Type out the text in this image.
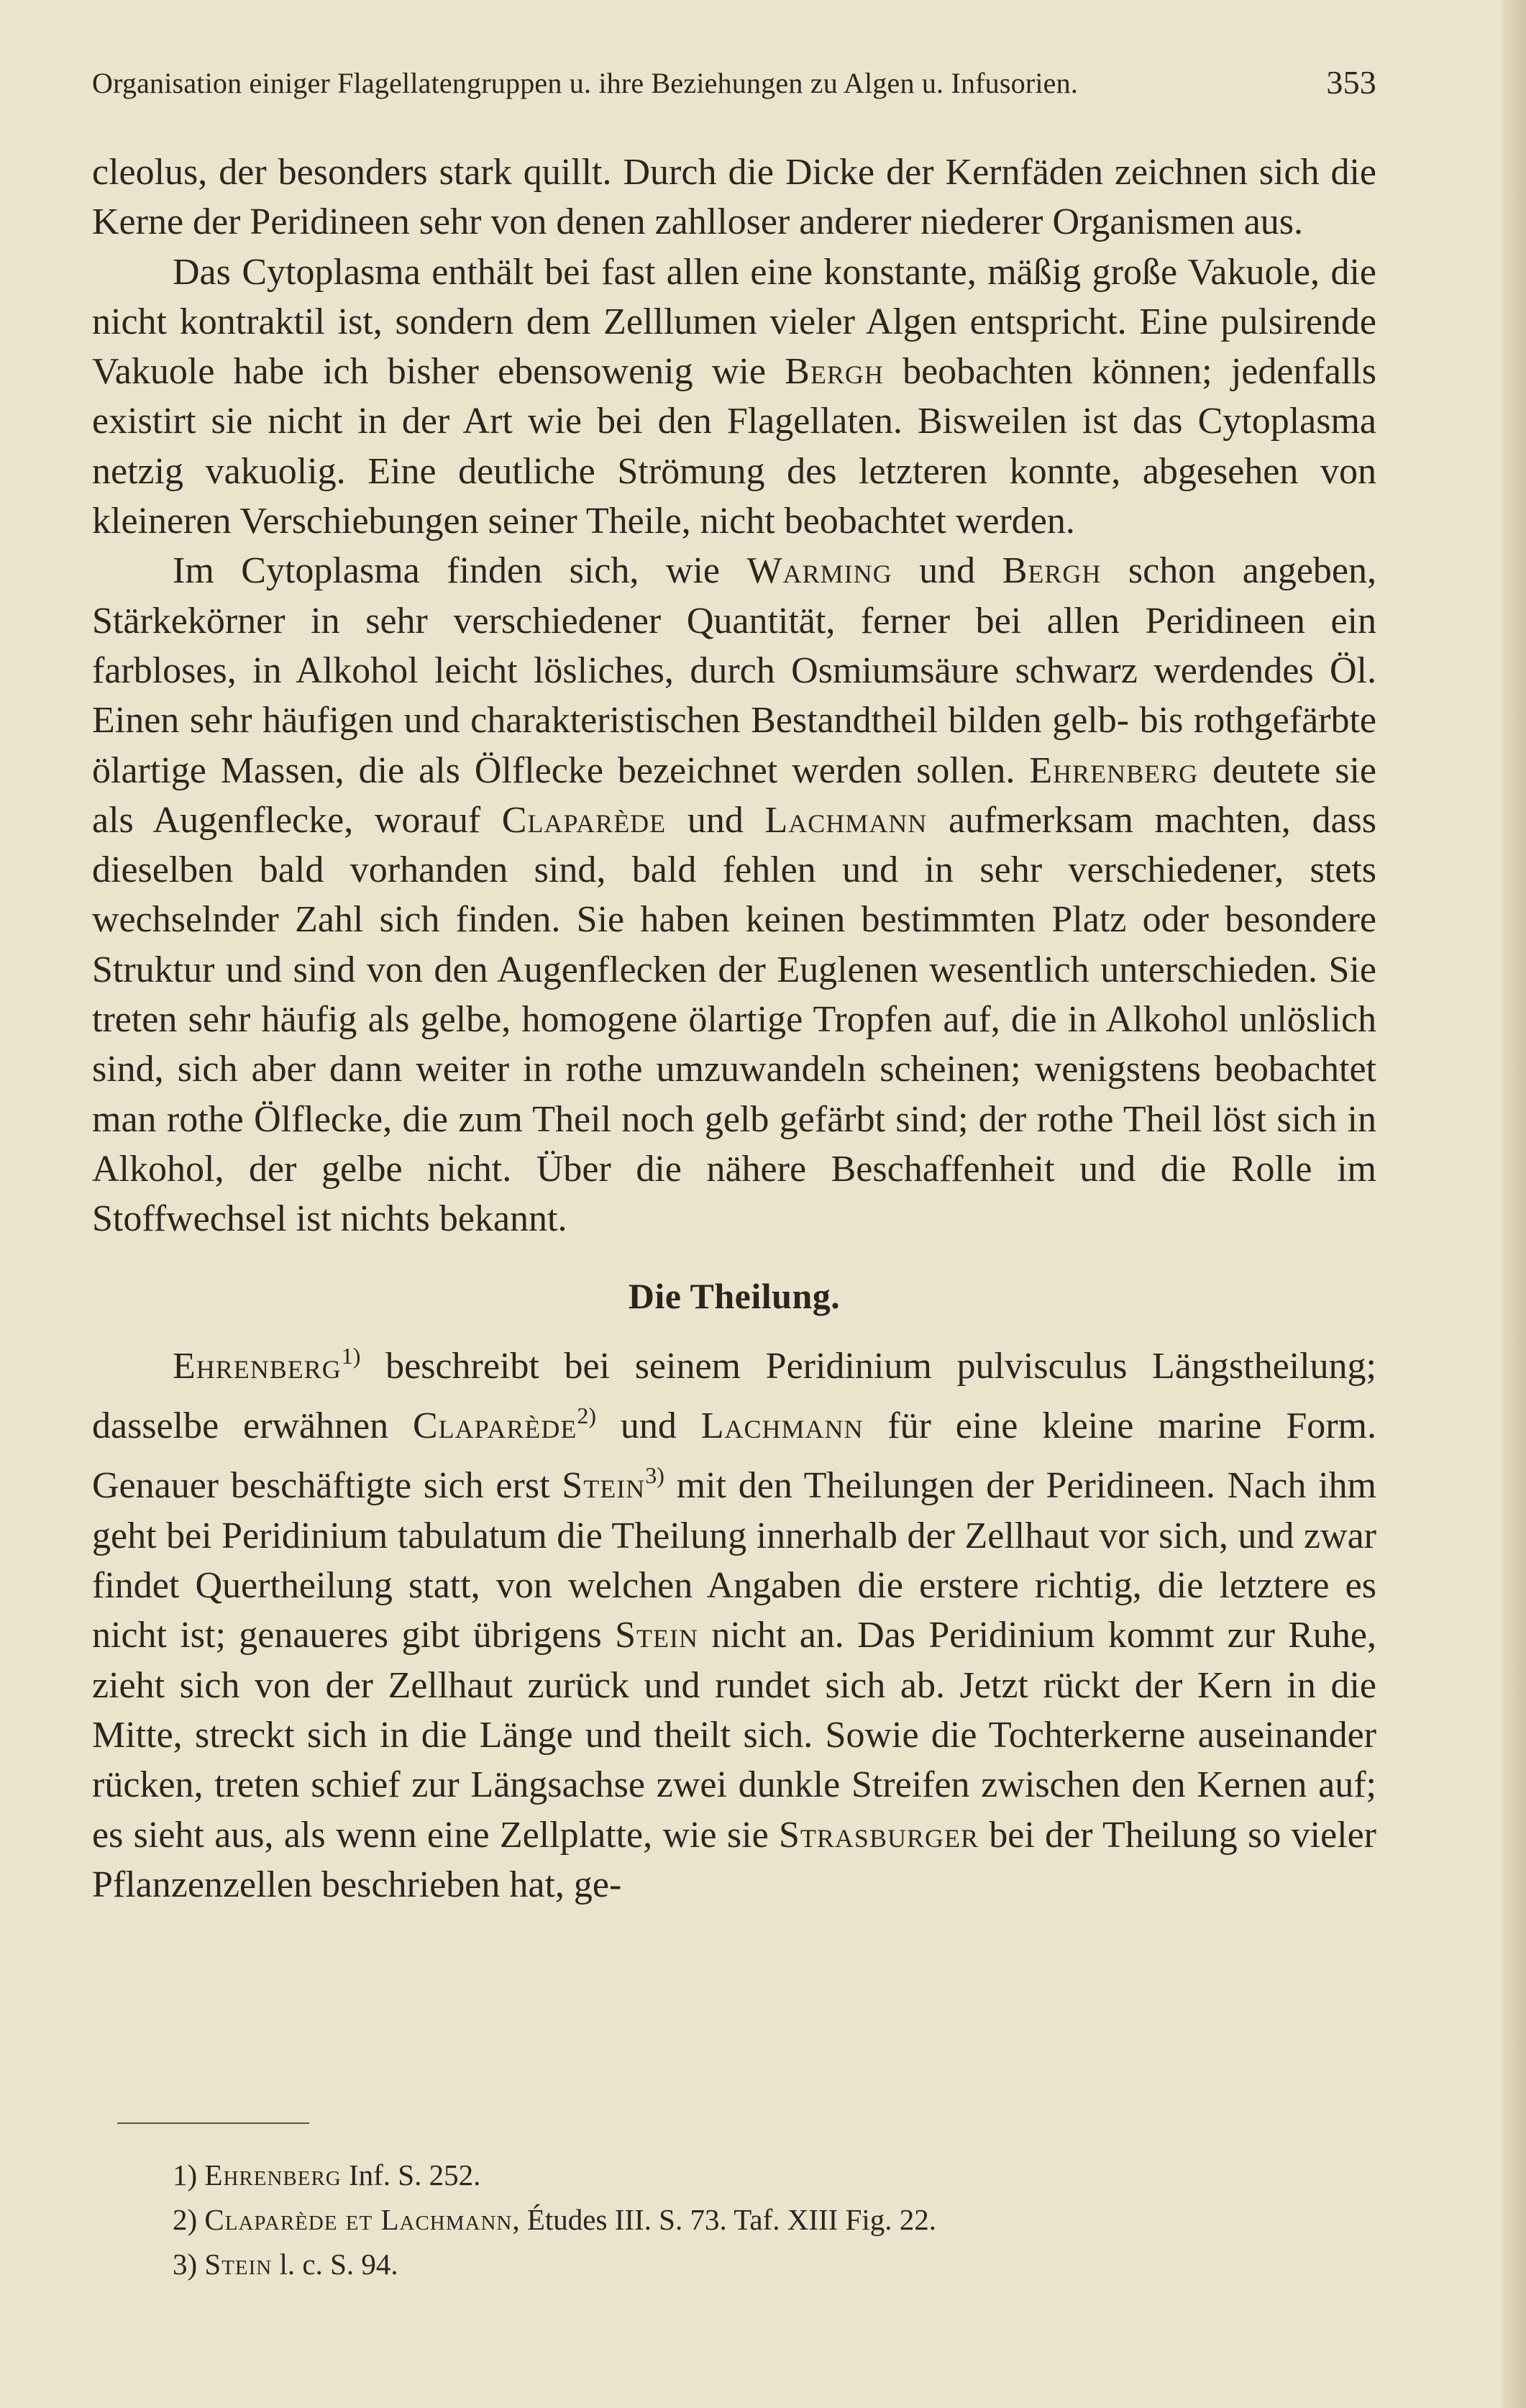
Organisation einiger Flagellatengruppen u. ihre Beziehungen zu Algen u. Infusorien.	353

cleolus, der besonders stark quillt. Durch die Dicke der Kernfäden zeichnen sich die Kerne der Peridineen sehr von denen zahlloser anderer niederer Organismen aus.

Das Cytoplasma enthält bei fast allen eine konstante, mäßig große Vakuole, die nicht kontraktil ist, sondern dem Zelllumen vieler Algen entspricht. Eine pulsirende Vakuole habe ich bisher ebensowenig wie Bergh beobachten können; jedenfalls existirt sie nicht in der Art wie bei den Flagellaten. Bisweilen ist das Cytoplasma netzig vakuolig. Eine deutliche Strömung des letzteren konnte, abgesehen von kleineren Verschiebungen seiner Theile, nicht beobachtet werden.

Im Cytoplasma finden sich, wie Warming und Bergh schon angeben, Stärkekörner in sehr verschiedener Quantität, ferner bei allen Peridineen ein farbloses, in Alkohol leicht lösliches, durch Osmiumsäure schwarz werdendes Öl. Einen sehr häufigen und charakteristischen Bestandtheil bilden gelb- bis rothgefärbte ölartige Massen, die als Ölflecke bezeichnet werden sollen. Ehrenberg deutete sie als Augenflecke, worauf Claparède und Lachmann aufmerksam machten, dass dieselben bald vorhanden sind, bald fehlen und in sehr verschiedener, stets wechselnder Zahl sich finden. Sie haben keinen bestimmten Platz oder besondere Struktur und sind von den Augenflecken der Euglenen wesentlich unterschieden. Sie treten sehr häufig als gelbe, homogene ölartige Tropfen auf, die in Alkohol unlöslich sind, sich aber dann weiter in rothe umzuwandeln scheinen; wenigstens beobachtet man rothe Ölflecke, die zum Theil noch gelb gefärbt sind; der rothe Theil löst sich in Alkohol, der gelbe nicht. Über die nähere Beschaffenheit und die Rolle im Stoffwechsel ist nichts bekannt.

Die Theilung.

Ehrenberg$^{1)}$ beschreibt bei seinem Peridinium pulvisculus Längstheilung; dasselbe erwähnen Claparède$^{2)}$ und Lachmann für eine kleine marine Form. Genauer beschäftigte sich erst Stein$^{3)}$ mit den Theilungen der Peridineen. Nach ihm geht bei Peridinium tabulatum die Theilung innerhalb der Zellhaut vor sich, und zwar findet Quertheilung statt, von welchen Angaben die erstere richtig, die letztere es nicht ist; genaueres gibt übrigens Stein nicht an. Das Peridinium kommt zur Ruhe, zieht sich von der Zellhaut zurück und rundet sich ab. Jetzt rückt der Kern in die Mitte, streckt sich in die Länge und theilt sich. Sowie die Tochterkerne auseinander rücken, treten schief zur Längsachse zwei dunkle Streifen zwischen den Kernen auf; es sieht aus, als wenn eine Zellplatte, wie sie Strasburger bei der Theilung so vieler Pflanzenzellen beschrieben hat, ge-

1) Ehrenberg Inf. S. 252.

2) Claparède et Lachmann, Études III. S. 73. Taf. XIII Fig. 22.

3) Stein l. c. S. 94.
